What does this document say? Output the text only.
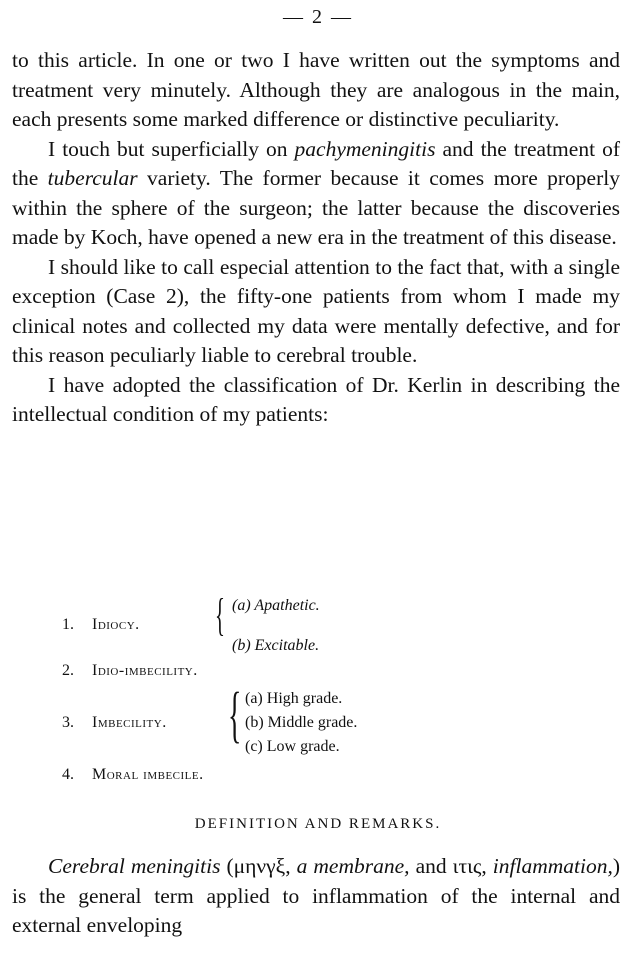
— 2 —

to this article. In one or two I have written out the symptoms and treatment very minutely. Although they are analogous in the main, each presents some marked difference or distinctive peculiarity.

I touch but superficially on pachymeningitis and the treatment of the tubercular variety. The former because it comes more properly within the sphere of the surgeon; the latter because the discoveries made by Koch, have opened a new era in the treatment of this disease.

I should like to call especial attention to the fact that, with a single exception (Case 2), the fifty-one patients from whom I made my clinical notes and collected my data were mentally defective, and for this reason peculiarly liable to cerebral trouble.

I have adopted the classification of Dr. Kerlin in describing the intellectual condition of my patients:

1. Idiocy. { (a) Apathetic.
(b) Excitable.
2. Idio-imbecility.
3. Imbecility. { (a) High grade.
(b) Middle grade.
(c) Low grade.
4. Moral imbecile.
DEFINITION AND REMARKS.
Cerebral meningitis (μηνγξ, a membrane, and ιτις, inflammation,) is the general term applied to inflammation of the internal and external enveloping
